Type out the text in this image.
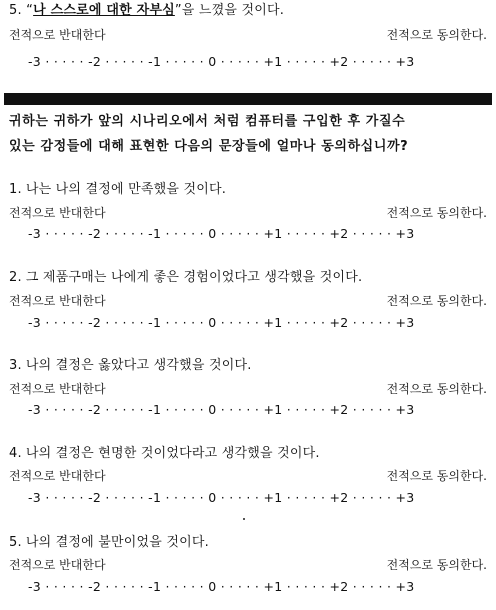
5. “나 스스로에 대한 자부심”을 느꼈을 것이다.
전적으로 반대한다	전적으로 동의한다.
-3 · · · · · -2 · · · · · -1 · · · · · 0 · · · · · +1 · · · · · +2 · · · · · +3
귀하는 귀하가 앞의 시나리오에서 처럼 컴퓨터를 구입한 후 가질수
있는 감정들에 대해 표현한 다음의 문장들에 얼마나 동의하십니까?
1. 나는 나의 결정에 만족했을 것이다.
전적으로 반대한다	전적으로 동의한다.
-3 · · · · · -2 · · · · · -1 · · · · · 0 · · · · · +1 · · · · · +2 · · · · · +3
2. 그 제품구매는 나에게 좋은 경험이었다고 생각했을 것이다.
전적으로 반대한다	전적으로 동의한다.
-3 · · · · · -2 · · · · · -1 · · · · · 0 · · · · · +1 · · · · · +2 · · · · · +3
3. 나의 결정은 옳았다고 생각했을 것이다.
전적으로 반대한다	전적으로 동의한다.
-3 · · · · · -2 · · · · · -1 · · · · · 0 · · · · · +1 · · · · · +2 · · · · · +3
4. 나의 결정은 현명한 것이었다라고 생각했을 것이다.
전적으로 반대한다	전적으로 동의한다.
-3 · · · · · -2 · · · · · -1 · · · · · 0 · · · · · +1 · · · · · +2 · · · · · +3
5. 나의 결정에 불만이었을 것이다.
전적으로 반대한다	전적으로 동의한다.
-3 · · · · · -2 · · · · · -1 · · · · · 0 · · · · · +1 · · · · · +2 · · · · · +3
